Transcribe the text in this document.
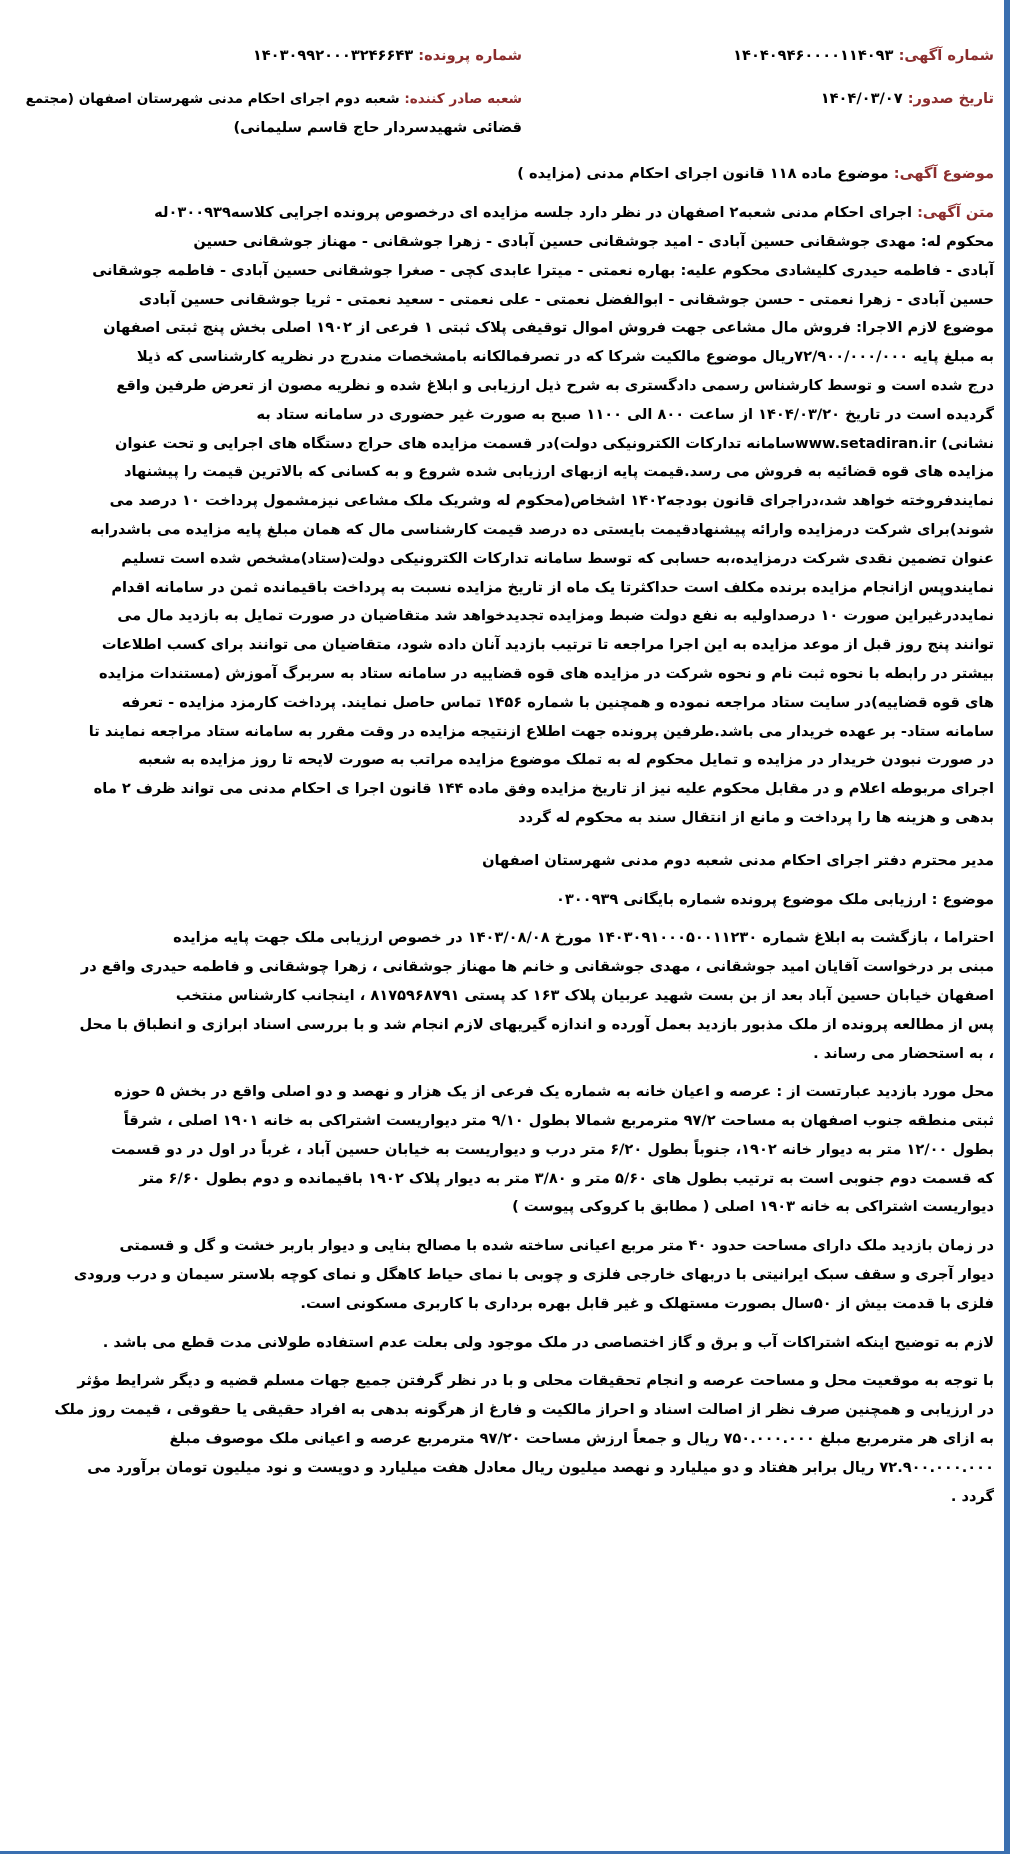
شماره آگهی: ۱۴۰۴۰۹۴۶۰۰۰۰۱۱۴۰۹۳
شماره پرونده: ۱۴۰۳۰۹۹۲۰۰۰۳۲۴۶۶۴۳
تاریخ صدور: ۱۴۰۴/۰۳/۰۷
شعبه صادر کننده: شعبه دوم اجرای احکام مدنی شهرستان اصفهان (مجتمع
قضائی شهیدسردار حاج قاسم سلیمانی)
موضوع آگهی: موضوع ماده ۱۱۸ قانون اجرای احکام مدنی (مزایده )
متن آگهی: اجرای احکام مدنی شعبه۲ اصفهان در نظر دارد جلسه مزایده ای درخصوص پرونده اجرایی کلاسه۰۳۰۰۹۳۹له
محکوم له: مهدی جوشقانی حسین آبادی - امید جوشقانی حسین آبادی - زهرا جوشقانی - مهناز جوشقانی حسین
آبادی - فاطمه حیدری کلیشادی محکوم علیه: بهاره نعمتی - میترا عابدی کچی - صغرا جوشقانی حسین آبادی - فاطمه جوشقانی
حسین آبادی - زهرا نعمتی - حسن جوشقانی - ابوالفضل نعمتی - علی نعمتی - سعید نعمتی - ثریا جوشقانی حسین آبادی
موضوع لازم الاجرا: فروش مال مشاعی جهت فروش اموال توقیفی پلاک ثبتی ۱ فرعی از ۱۹۰۲ اصلی بخش پنج ثبتی اصفهان
به مبلغ پایه ۷۲/۹۰۰/۰۰۰/۰۰۰ریال موضوع مالکیت شرکا که در تصرفمالکانه بامشخصات مندرج در نظریه کارشناسی که ذیلا
درج شده است و توسط کارشناس رسمی دادگستری به شرح ذیل ارزیابی و ابلاغ شده و نظریه مصون از تعرض طرفین واقع
گردیده است در تاریخ ۱۴۰۴/۰۳/۲۰ از ساعت ۸۰۰ الی ۱۱۰۰ صبح به صورت غیر حضوری در سامانه ستاد به
نشانی) www.setadiran.irسامانه تدارکات الکترونیکی دولت)در قسمت مزایده های حراج دستگاه های اجرایی و تحت عنوان
مزایده های قوه قضائیه به فروش می رسد.قیمت پایه ازبهای ارزیابی شده شروع و به کسانی که بالاترین قیمت را پیشنهاد
نمایندفروخته خواهد شد،دراجرای قانون بودجه۱۴۰۲ اشخاص(محکوم له وشریک ملک مشاعی نیزمشمول پرداخت ۱۰ درصد می
شوند)برای شرکت درمزایده وارائه پیشنهادقیمت بایستی ده درصد قیمت کارشناسی مال که همان مبلغ پایه مزایده می باشدرابه
عنوان تضمین نقدی شرکت درمزایده،به حسابی که توسط سامانه تدارکات الکترونیکی دولت(ستاد)مشخص شده است تسلیم
نمایندوپس ازانجام مزایده برنده مکلف است حداکثرتا یک ماه از تاریخ مزایده نسبت به پرداخت باقیمانده ثمن در سامانه اقدام
نمایددرغیراین صورت ۱۰ درصداولیه به نفع دولت ضبط ومزایده تجدیدخواهد شد متقاضیان در صورت تمایل به بازدید مال می
توانند پنج روز قبل از موعد مزایده به این اجرا مراجعه تا ترتیب بازدید آنان داده شود، متقاضیان می توانند برای کسب اطلاعات
بیشتر در رابطه با نحوه ثبت نام و نحوه شرکت در مزایده های قوه قضاییه در سامانه ستاد به سربرگ آموزش (مستندات مزایده
های قوه قضاییه)در سایت ستاد مراجعه نموده و همچنین با شماره ۱۴۵۶ تماس حاصل نمایند. پرداخت کارمزد مزایده - تعرفه
سامانه ستاد- بر عهده خریدار می باشد.طرفین پرونده جهت اطلاع ازنتیجه مزایده در وقت مقرر به سامانه ستاد مراجعه نمایند تا
در صورت نبودن خریدار در مزایده و تمایل محکوم له به تملک موضوع مزایده مراتب به صورت لایحه تا روز مزایده به شعبه
اجرای مربوطه اعلام و در مقابل محکوم علیه نیز از تاریخ مزایده وفق ماده ۱۴۴ قانون اجرا ی احکام مدنی می تواند ظرف ۲ ماه
بدهی و هزینه ها را پرداخت و مانع از انتقال سند به محکوم له گردد
مدیر محترم دفتر اجرای احکام مدنی شعبه دوم مدنی شهرستان اصفهان
موضوع : ارزیابی ملک موضوع پرونده شماره بایگانی ۰۳۰۰۹۳۹
احتراما ، بازگشت به ابلاغ شماره ۱۴۰۳۰۹۱۰۰۰۵۰۰۱۱۲۳۰ مورخ ۱۴۰۳/۰۸/۰۸ در خصوص ارزیابی ملک جهت پایه مزایده
مبنی بر درخواست آقایان امید جوشقانی ، مهدی جوشقانی و خانم ها مهناز جوشقانی ، زهرا چوشقانی و فاطمه حیدری واقع در
اصفهان خیابان حسین آباد بعد از بن بست شهید عربیان پلاک ۱۶۳ کد پستی ۸۱۷۵۹۶۸۷۹۱ ، اینجانب کارشناس منتخب
پس از مطالعه پرونده از ملک مذبور بازدید بعمل آورده و اندازه گیریهای لازم انجام شد و با بررسی اسناد ابرازی و انطباق با محل
، به استحضار می رساند .
محل مورد بازدید عبارتست از : عرصه و اعیان خانه به شماره یک فرعی از یک هزار و نهصد و دو اصلی واقع در بخش ۵ حوزه
ثبتی منطقه جنوب اصفهان به مساحت ۹۷/۲ مترمربع شمالا بطول ۹/۱۰ متر دیواریست اشتراکی به خانه ۱۹۰۱ اصلی ، شرقاً
بطول ۱۲/۰۰ متر به دیوار خانه ۱۹۰۲، جنوباً بطول ۶/۲۰ متر درب و دیواریست به خیابان حسین آباد ، غرباً در اول در دو قسمت
که قسمت دوم جنوبی است به ترتیب بطول های ۵/۶۰ متر و ۳/۸۰ متر به دیوار پلاک ۱۹۰۲ باقیمانده و دوم بطول ۶/۶۰ متر
دیواریست اشتراکی به خانه ۱۹۰۳ اصلی ( مطابق با کروکی پیوست )
در زمان بازدید ملک دارای مساحت حدود ۴۰ متر مربع اعیانی ساخته شده با مصالح بنایی و دیوار باربر خشت و گل و قسمتی
دیوار آجری و سقف سبک ایرانیتی با دربهای خارجی فلزی و چوبی با نمای حیاط کاهگل و نمای کوچه بلاستر سیمان و درب ورودی
فلزی با قدمت بیش از ۵۰سال بصورت مستهلک و غیر قابل بهره برداری با کاربری مسکونی است.
لازم به توضیح اینکه اشتراکات آب و برق و گاز اختصاصی در ملک موجود ولی بعلت عدم استفاده طولانی مدت قطع می باشد .
با توجه به موقعیت محل و مساحت عرصه و انجام تحقیقات محلی و با در نظر گرفتن جمیع جهات مسلم قضیه و دیگر شرایط مؤثر
در ارزیابی و همچنین صرف نظر از اصالت اسناد و احراز مالکیت و فارغ از هرگونه بدهی به افراد حقیقی یا حقوقی ، قیمت روز ملک
به ازای هر مترمربع مبلغ ۷۵۰.۰۰۰.۰۰۰ ریال و جمعاً ارزش مساحت ۹۷/۲۰ مترمربع عرصه و اعیانی ملک موصوف مبلغ
۷۲.۹۰۰.۰۰۰.۰۰۰ ریال برابر هفتاد و دو میلیارد و نهصد میلیون ریال معادل هفت میلیارد و دویست و نود میلیون تومان برآورد می
گردد .
